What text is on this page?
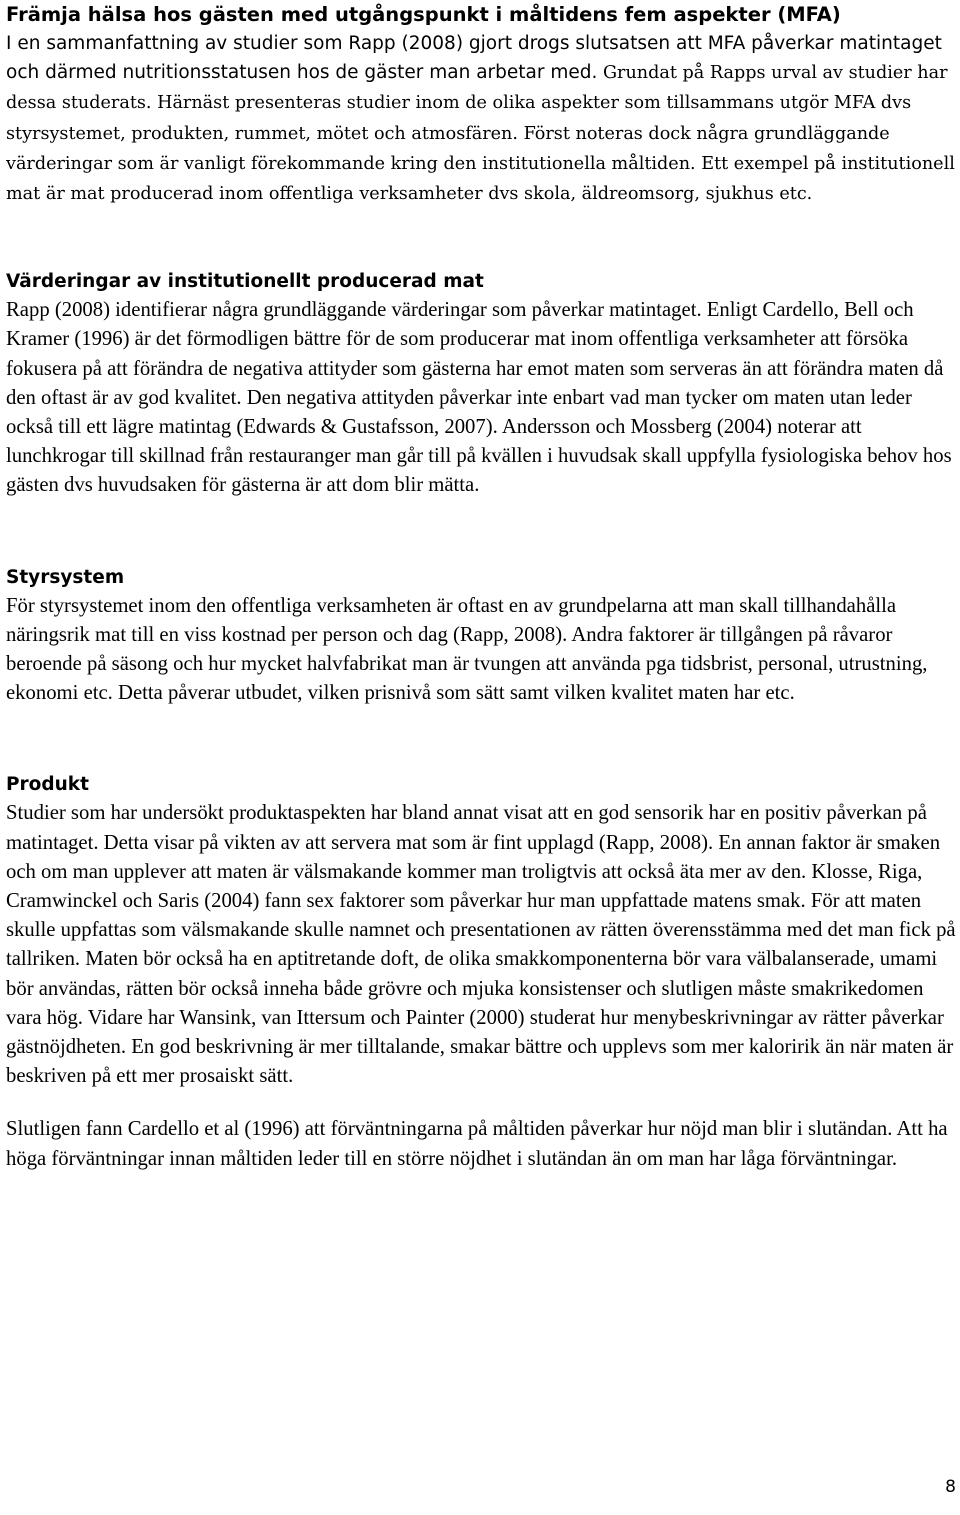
Främja hälsa hos gästen med utgångspunkt i måltidens fem aspekter (MFA)

I en sammanfattning av studier som Rapp (2008) gjort drogs slutsatsen att MFA påverkar matintaget och därmed nutritionsstatusen hos de gäster man arbetar med. Grundat på Rapps urval av studier har dessa studerats. Härnäst presenteras studier inom de olika aspekter som tillsammans utgör MFA dvs styrsystemet, produkten, rummet, mötet och atmosfären. Först noteras dock några grundläggande värderingar som är vanligt förekommande kring den institutionella måltiden. Ett exempel på institutionell mat är mat producerad inom offentliga verksamheter dvs skola, äldreomsorg, sjukhus etc.

Värderingar av institutionellt producerad mat

Rapp (2008) identifierar några grundläggande värderingar som påverkar matintaget. Enligt Cardello, Bell och Kramer (1996) är det förmodligen bättre för de som producerar mat inom offentliga verksamheter att försöka fokusera på att förändra de negativa attityder som gästerna har emot maten som serveras än att förändra maten då den oftast är av god kvalitet. Den negativa attityden påverkar inte enbart vad man tycker om maten utan leder också till ett lägre matintag (Edwards & Gustafsson, 2007). Andersson och Mossberg (2004) noterar att lunchkrogar till skillnad från restauranger man går till på kvällen i huvudsak skall uppfylla fysiologiska behov hos gästen dvs huvudsaken för gästerna är att dom blir mätta.

Styrsystem

För styrsystemet inom den offentliga verksamheten är oftast en av grundpelarna att man skall tillhandahålla näringsrik mat till en viss kostnad per person och dag (Rapp, 2008). Andra faktorer är tillgången på råvaror beroende på säsong och hur mycket halvfabrikat man är tvungen att använda pga tidsbrist, personal, utrustning, ekonomi etc. Detta påverar utbudet, vilken prisnivå som sätt samt vilken kvalitet maten har etc.

Produkt

Studier som har undersökt produktaspekten har bland annat visat att en god sensorik har en positiv påverkan på matintaget. Detta visar på vikten av att servera mat som är fint upplagd (Rapp, 2008). En annan faktor är smaken och om man upplever att maten är välsmakande kommer man troligtvis att också äta mer av den. Klosse, Riga, Cramwinckel och Saris (2004) fann sex faktorer som påverkar hur man uppfattade matens smak. För att maten skulle uppfattas som välsmakande skulle namnet och presentationen av rätten överensstämma med det man fick på tallriken. Maten bör också ha en aptitretande doft, de olika smakkomponenterna bör vara välbalanserade, umami bör användas, rätten bör också inneha både grövre och mjuka konsistenser och slutligen måste smakrikedomen vara hög. Vidare har Wansink, van Ittersum och Painter (2000) studerat hur menybeskrivningar av rätter påverkar gästnöjdheten. En god beskrivning är mer tilltalande, smakar bättre och upplevs som mer kaloririk än när maten är beskriven på ett mer prosaiskt sätt.

Slutligen fann Cardello et al (1996) att förväntningarna på måltiden påverkar hur nöjd man blir i slutändan. Att ha höga förväntningar innan måltiden leder till en större nöjdhet i slutändan än om man har låga förväntningar.

8
